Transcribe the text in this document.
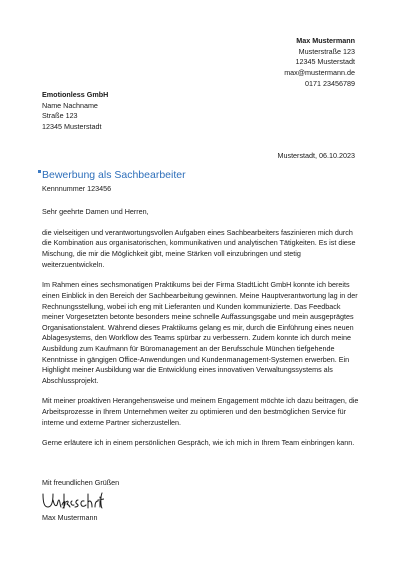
Max Mustermann
Musterstraße 123
12345 Musterstadt
max@mustermann.de
0171 23456789
Emotionless GmbH
Name Nachname
Straße 123
12345 Musterstadt
Musterstadt, 06.10.2023
Bewerbung als Sachbearbeiter
Kennnummer 123456

Sehr geehrte Damen und Herren,

die vielseitigen und verantwortungsvollen Aufgaben eines Sachbearbeiters faszinieren mich durch die Kombination aus organisatorischen, kommunikativen und analytischen Tätigkeiten. Es ist diese Mischung, die mir die Möglichkeit gibt, meine Stärken voll einzubringen und stetig weiterzuentwickeln.

Im Rahmen eines sechsmonatigen Praktikums bei der Firma StadtLicht GmbH konnte ich bereits einen Einblick in den Bereich der Sachbearbeitung gewinnen. Meine Hauptverantwortung lag in der Rechnungsstellung, wobei ich eng mit Lieferanten und Kunden kommunizierte. Das Feedback meiner Vorgesetzten betonte besonders meine schnelle Auffassungsgabe und mein ausgeprägtes Organisationstalent. Während dieses Praktikums gelang es mir, durch die Einführung eines neuen Ablagesystems, den Workflow des Teams spürbar zu verbessern. Zudem konnte ich durch meine Ausbildung zum Kaufmann für Büromanagement an der Berufsschule München tiefgehende Kenntnisse in gängigen Office-Anwendungen und Kundenmanagement-Systemen erwerben. Ein Highlight meiner Ausbildung war die Entwicklung eines innovativen Verwaltungssystems als Abschlussprojekt.

Mit meiner proaktiven Herangehensweise und meinem Engagement möchte ich dazu beitragen, die Arbeitsprozesse in Ihrem Unternehmen weiter zu optimieren und den bestmöglichen Service für interne und externe Partner sicherzustellen.

Gerne erläutere ich in einem persönlichen Gespräch, wie ich mich in Ihrem Team einbringen kann.

Mit freundlichen Grüßen
Max Mustermann
